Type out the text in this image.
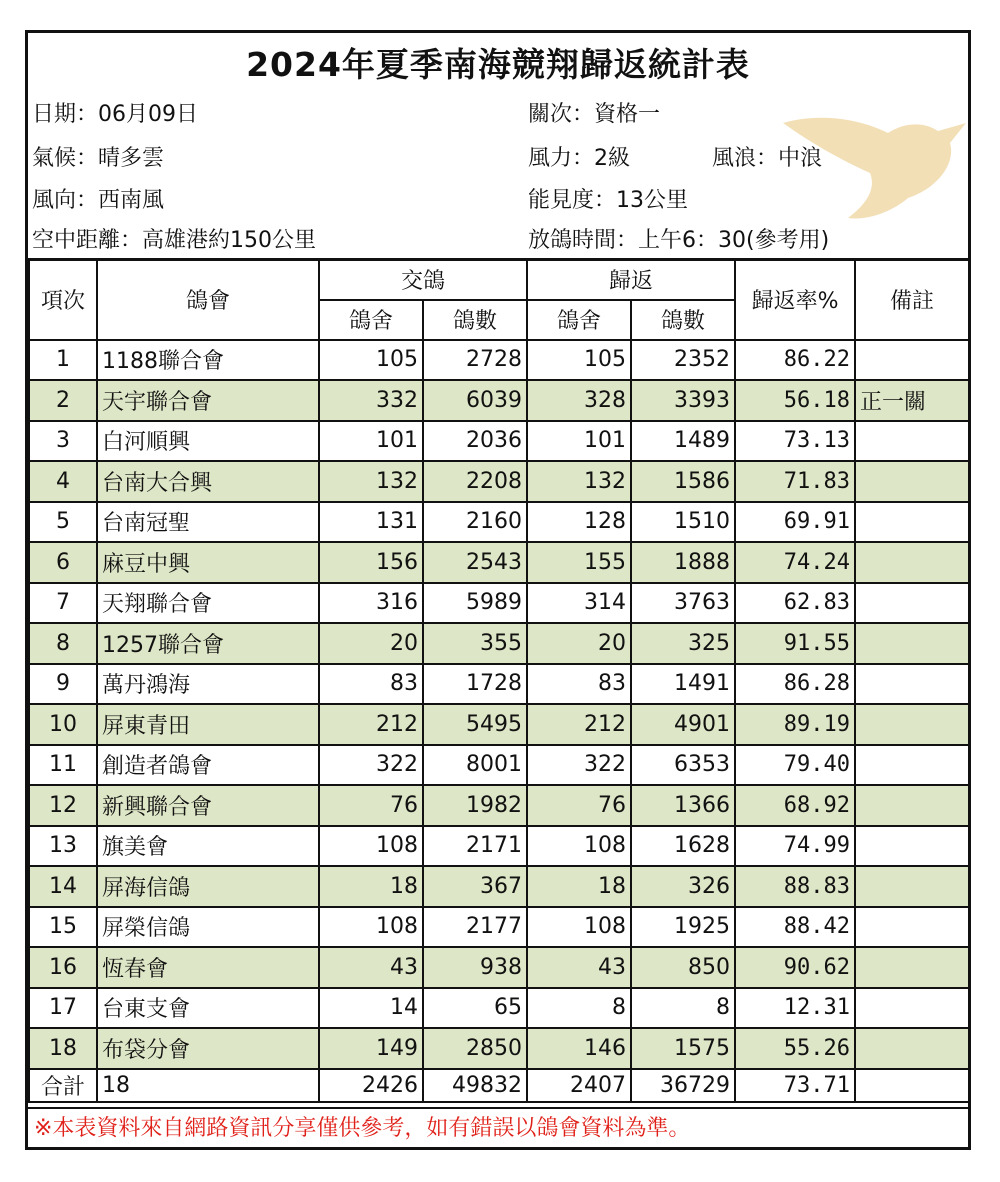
2024年夏季南海競翔歸返統計表
日期：06月09日	關次：資格一
氣候：晴多雲	風力：2級	風浪：中浪
風向：西南風	能見度：13公里
空中距離：高雄港約150公里	放鴿時間：上午6：30(參考用)
項次	鴿會	交鴿		歸返		歸返率%	備註
		鴿舍	鴿數	鴿舍	鴿數		
1	1188聯合會	105	2728	105	2352	86.22	
2	天宇聯合會	332	6039	328	3393	56.18	正一關
3	白河順興	101	2036	101	1489	73.13	
4	台南大合興	132	2208	132	1586	71.83	
5	台南冠聖	131	2160	128	1510	69.91	
6	麻豆中興	156	2543	155	1888	74.24	
7	天翔聯合會	316	5989	314	3763	62.83	
8	1257聯合會	20	355	20	325	91.55	
9	萬丹鴻海	83	1728	83	1491	86.28	
10	屏東青田	212	5495	212	4901	89.19	
11	創造者鴿會	322	8001	322	6353	79.40	
12	新興聯合會	76	1982	76	1366	68.92	
13	旗美會	108	2171	108	1628	74.99	
14	屏海信鴿	18	367	18	326	88.83	
15	屏榮信鴿	108	2177	108	1925	88.42	
16	恆春會	43	938	43	850	90.62	
17	台東支會	14	65	8	8	12.31	
18	布袋分會	149	2850	146	1575	55.26	
合計	18	2426	49832	2407	36729	73.71	
※本表資料來自網路資訊分享僅供參考，如有錯誤以鴿會資料為準。
